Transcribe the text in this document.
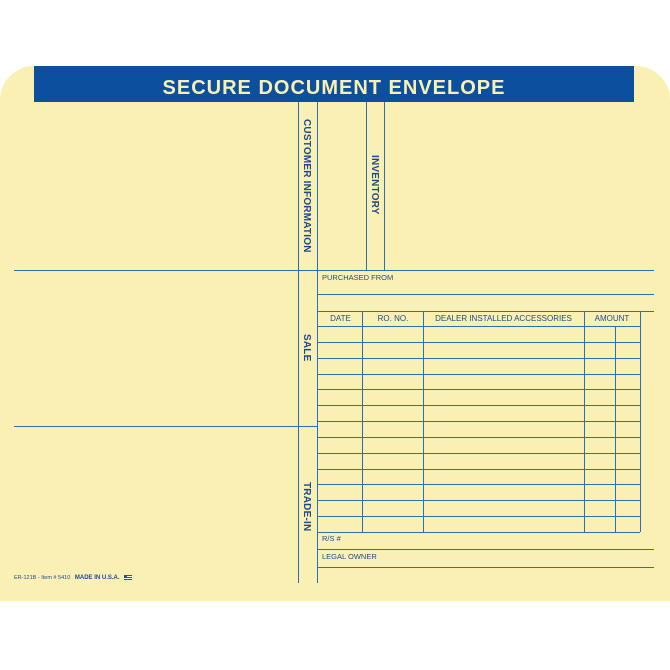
SECURE DOCUMENT ENVELOPE
CUSTOMER INFORMATION	INVENTORY
SALE
TRADE-IN
PURCHASED FROM
DATE	RO. NO.	DEALER INSTALLED ACCESSORIES	AMOUNT
R/S #
LEGAL OWNER
ER-121B - Item # 5410 MADE IN U.S.A.
